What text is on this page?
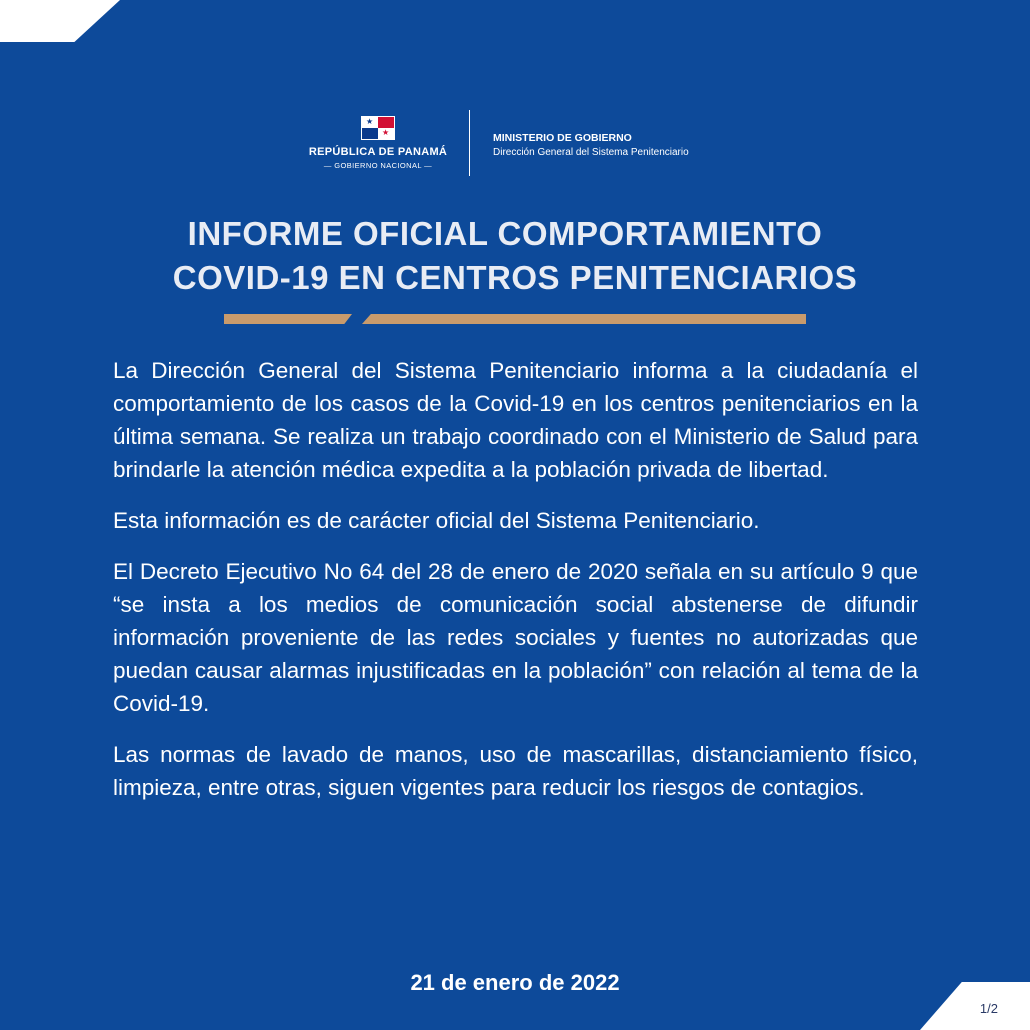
★
★
REPÚBLICA DE PANAMÁ
— GOBIERNO NACIONAL —
MINISTERIO DE GOBIERNO
Dirección General del Sistema Penitenciario
INFORME OFICIAL COMPORTAMIENTO
COVID-19 EN CENTROS PENITENCIARIOS

La Dirección General del Sistema Penitenciario informa a la ciudadanía el comportamiento de los casos de la Covid-19 en los centros penitenciarios en la última semana. Se realiza un trabajo coordinado con el Ministerio de Salud para brindarle la atención médica expedita a la población privada de libertad.

Esta información es de carácter oficial del Sistema Penitenciario.

El Decreto Ejecutivo No 64 del 28 de enero de 2020 señala en su artículo 9 que “se insta a los medios de comunicación social abstenerse de difundir información proveniente de las redes sociales y fuentes no autorizadas que puedan causar alarmas injustificadas en la población” con relación al tema de la Covid-19.

Las normas de lavado de manos, uso de mascarillas, distanciamiento físico, limpieza, entre otras, siguen vigentes para reducir los riesgos de contagios.

21 de enero de 2022
1/2
